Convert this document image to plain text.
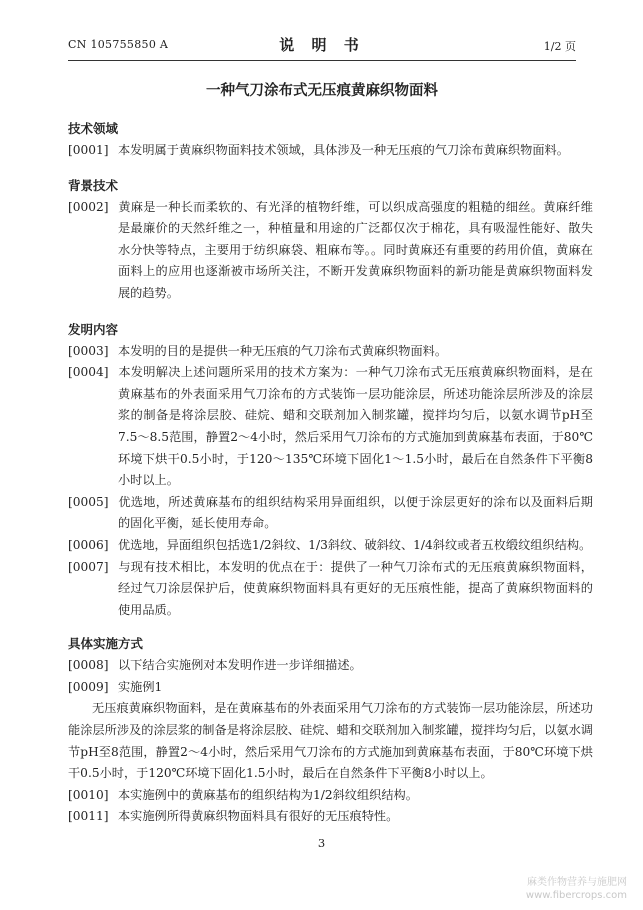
CN 105755850 A	说 明 书	1/2 页
一种气刀涂布式无压痕黄麻织物面料
技术领域

[0001] 本发明属于黄麻织物面料技术领域，具体涉及一种无压痕的气刀涂布黄麻织物面料。

背景技术

[0002] 黄麻是一种长而柔软的、有光泽的植物纤维，可以织成高强度的粗糙的细丝。黄麻纤维是最廉价的天然纤维之一，种植量和用途的广泛都仅次于棉花，具有吸湿性能好、散失水分快等特点，主要用于纺织麻袋、粗麻布等。。同时黄麻还有重要的药用价值，黄麻在面料上的应用也逐渐被市场所关注，不断开发黄麻织物面料的新功能是黄麻织物面料发展的趋势。

发明内容

[0003] 本发明的目的是提供一种无压痕的气刀涂布式黄麻织物面料。

[0004] 本发明解决上述问题所采用的技术方案为：一种气刀涂布式无压痕黄麻织物面料，是在黄麻基布的外表面采用气刀涂布的方式装饰一层功能涂层，所述功能涂层所涉及的涂层浆的制备是将涂层胶、硅烷、蜡和交联剂加入制浆罐，搅拌均匀后，以氨水调节pH至7.5～8.5范围，静置2～4小时，然后采用气刀涂布的方式施加到黄麻基布表面，于80℃环境下烘干0.5小时，于120～135℃环境下固化1～1.5小时，最后在自然条件下平衡8小时以上。

[0005] 优选地，所述黄麻基布的组织结构采用异面组织，以便于涂层更好的涂布以及面料后期的固化平衡，延长使用寿命。

[0006] 优选地，异面组织包括选1/2斜纹、1/3斜纹、破斜纹、1/4斜纹或者五枚缎纹组织结构。

[0007] 与现有技术相比，本发明的优点在于：提供了一种气刀涂布式的无压痕黄麻织物面料，经过气刀涂层保护后，使黄麻织物面料具有更好的无压痕性能，提高了黄麻织物面料的使用品质。

具体实施方式

[0008] 以下结合实施例对本发明作进一步详细描述。

[0009] 实施例1

无压痕黄麻织物面料，是在黄麻基布的外表面采用气刀涂布的方式装饰一层功能涂层，所述功能涂层所涉及的涂层浆的制备是将涂层胶、硅烷、蜡和交联剂加入制浆罐，搅拌均匀后，以氨水调节pH至8范围，静置2～4小时，然后采用气刀涂布的方式施加到黄麻基布表面，于80℃环境下烘干0.5小时，于120℃环境下固化1.5小时，最后在自然条件下平衡8小时以上。

[0010] 本实施例中的黄麻基布的组织结构为1/2斜纹组织结构。

[0011] 本实施例所得黄麻织物面料具有很好的无压痕特性。

3
麻类作物营养与施肥网
www.fibercrops.com
